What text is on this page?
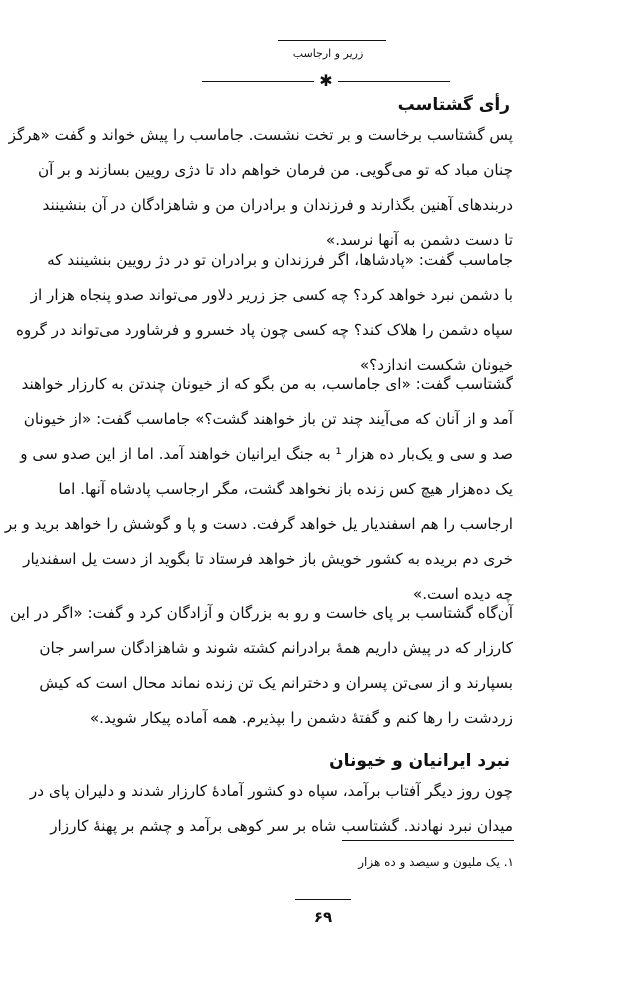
زریر و ارجاسب
✱
رأی گشتاسب
پس گشتاسب برخاست و بر تخت نشست. جاماسب را پیش خواند و گفت «هرگز
چنان مباد که تو می‌گویی. من فرمان خواهم داد تا دژی رویین بسازند و بر آن
دربندهای آهنین بگذارند و فرزندان و برادران من و شاهزادگان در آن بنشینند
تا دست دشمن به آنها نرسد.»
جاماسب گفت: «پادشاها، اگر فرزندان و برادران تو در دژ رویین بنشینند که
با دشمن نبرد خواهد کرد؟ چه کسی جز زریر دلاور می‌تواند صدو پنجاه هزار از
سپاه دشمن را هلاک کند؟ چه کسی چون پاد خسرو و فرشاورد می‌تواند در گروه
خیونان شکست اندازد؟»
گشتاسب گفت: «ای جاماسب، به من بگو که از خیونان چندتن به کارزار خواهند
آمد و از آنان که می‌آیند چند تن باز خواهند گشت؟» جاماسب گفت: «از خیونان
صد و سی و یک‌بار ده هزار ¹ به جنگ ایرانیان خواهند آمد. اما از این صدو سی و
یک ده‌هزار هیچ کس زنده باز نخواهد گشت، مگر ارجاسب پادشاه آنها. اما
ارجاسب را هم اسفندیار یل خواهد گرفت. دست و پا و گوشش را خواهد برید و بر
خری دم بریده به کشور خویش باز خواهد فرستاد تا بگوید از دست یل اسفندیار
چه دیده است.»
آن‌گاه گشتاسب بر پای خاست و رو به بزرگان و آزادگان کرد و گفت: «اگر در این
کارزار که در پیش داریم همهٔ برادرانم کشته شوند و شاهزادگان سراسر جان
بسپارند و از سی‌تن پسران و دخترانم یک تن زنده نماند محال است که کیش
زردشت را رها کنم و گفتهٔ دشمن را بپذیرم. همه آماده پیکار شوید.»
نبرد ایرانیان و خیونان
چون روز دیگر آفتاب برآمد، سپاه دو کشور آمادهٔ کارزار شدند و دلیران پای در
میدان نبرد نهادند. گشتاسب شاه بر سر کوهی برآمد و چشم بر پهنهٔ کارزار
۱. یک ملیون و سیصد و ده هزار
۶۹
